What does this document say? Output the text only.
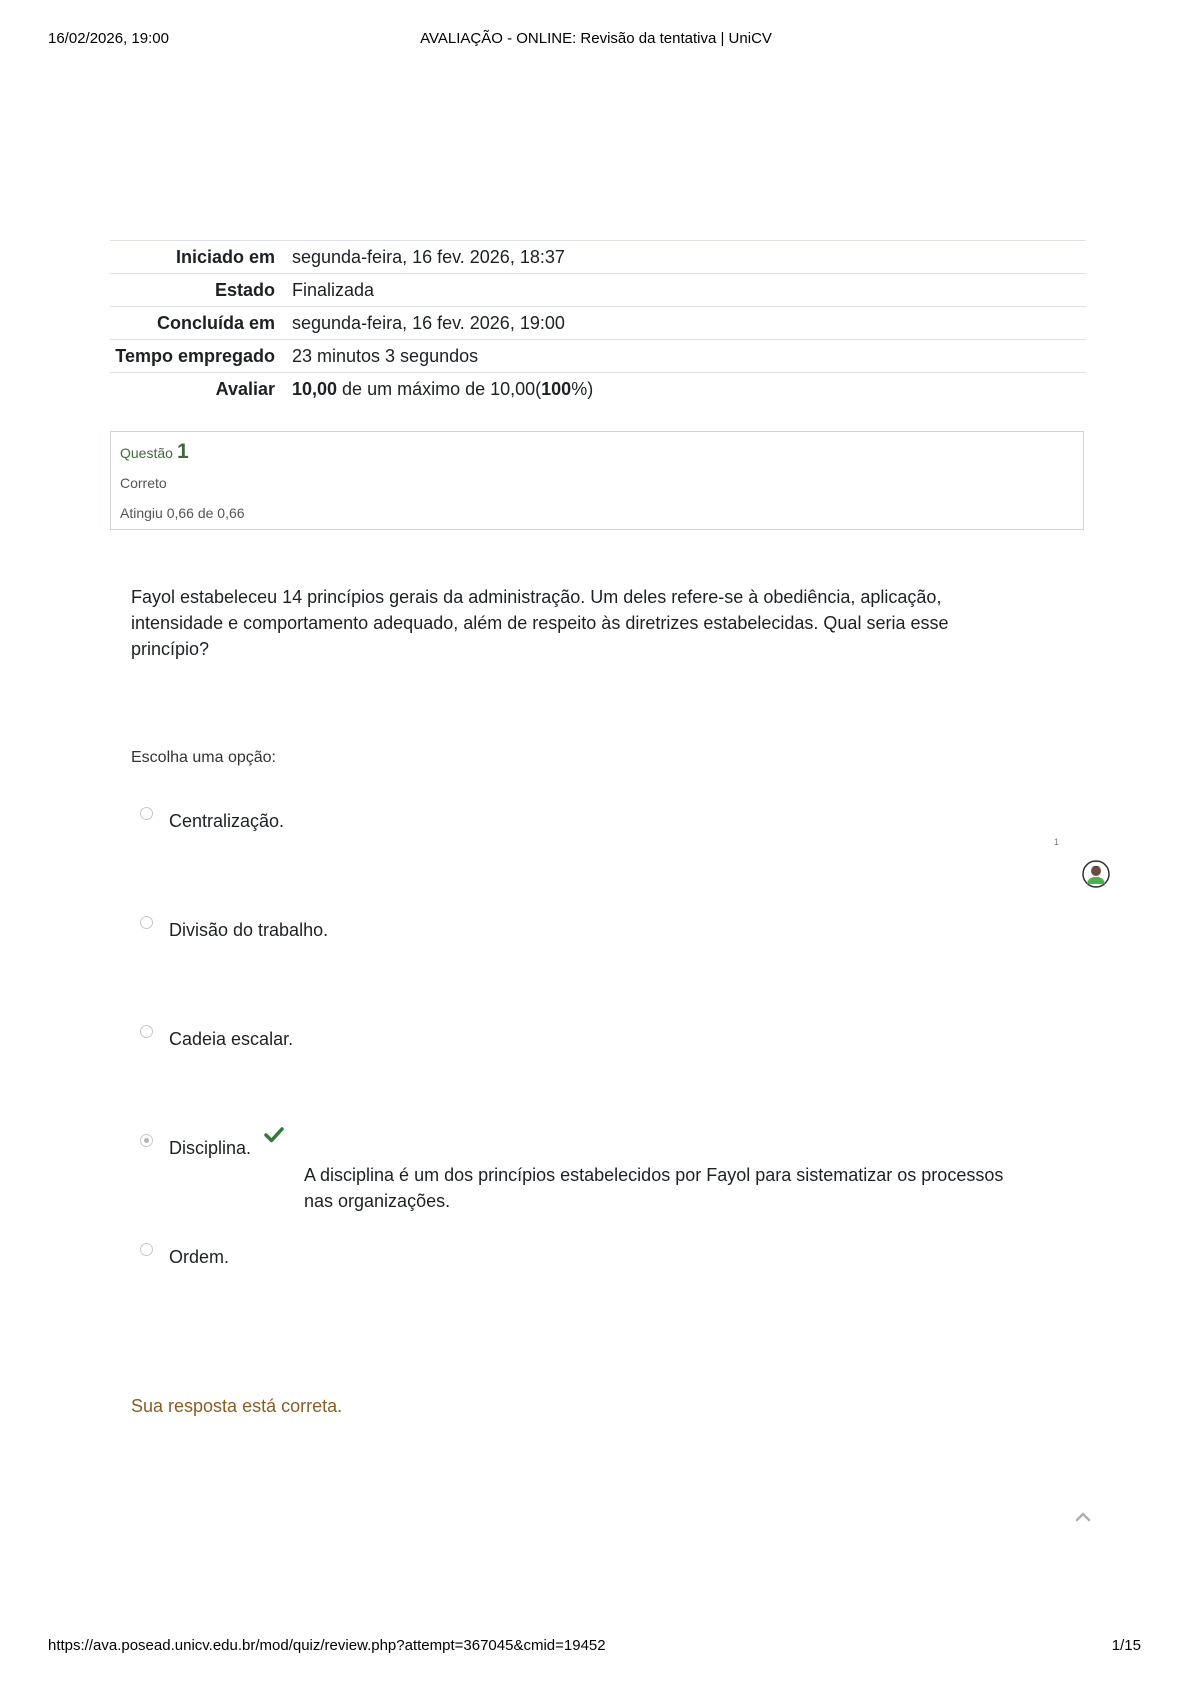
16/02/2026, 19:00	AVALIAÇÃO - ONLINE: Revisão da tentativa | UniCV
Iniciado em	segunda-feira, 16 fev. 2026, 18:37
Estado	Finalizada
Concluída em	segunda-feira, 16 fev. 2026, 19:00
Tempo empregado	23 minutos 3 segundos
Avaliar	10,00 de um máximo de 10,00(100%)
Questão 1
Correto
Atingiu 0,66 de 0,66
Fayol estabeleceu 14 princípios gerais da administração. Um deles refere-se à obediência, aplicação, intensidade e comportamento adequado, além de respeito às diretrizes estabelecidas. Qual seria esse princípio?
Escolha uma opção:
Centralização.
Divisão do trabalho.
Cadeia escalar.
Disciplina.
A disciplina é um dos princípios estabelecidos por Fayol para sistematizar os processos nas organizações.
Ordem.
Sua resposta está correta.
1
https://ava.posead.unicv.edu.br/mod/quiz/review.php?attempt=367045&cmid=19452	1/15
